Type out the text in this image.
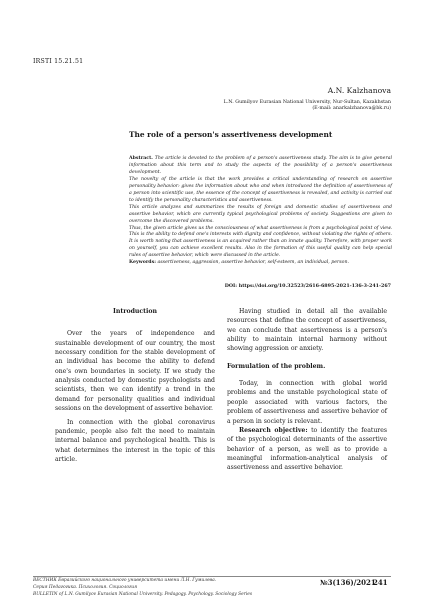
IRSTI 15.21.51
A.N. Kalzhanova
L.N. Gumilyov Eurasian National University, Nur-Sultan, Kazakhstan
(E-mail: anarkalzhanova@bk.ru)
The role of a person's assertiveness development

Abstract. The article is devoted to the problem of a person's assertiveness study. The aim is to give general information about this term and to study the aspects of the possibility of a person's assertiveness development.

The novelty of the article is that the work provides a critical understanding of research on assertive personality behavior: gives the information about who and when introduced the definition of assertiveness of a person into scientific use, the essence of the concept of assertiveness is revealed, and activity is carried out to identify the personality characteristics and assertiveness.

This article analyzes and summarizes the results of foreign and domestic studies of assertiveness and assertive behavior, which are currently typical psychological problems of society. Suggestions are given to overcome the discovered problems.

Thus, the given article gives us the consciousness of what assertiveness is from a psychological point of view. This is the ability to defend one's interests with dignity and confidence, without violating the rights of others. It is worth noting that assertiveness is an acquired rather than an innate quality. Therefore, with proper work on yourself, you can achieve excellent results. Also in the formation of this useful quality can help special rules of assertive behavior, which were discussed in the article.

Keywords: assertiveness, aggression, assertive behavior, self-esteem, an individual, person.

DOI: https://doi.org/10.32523/2616-6895-2021-136-3-241-267

Introduction

Over the years of independence and sustainable development of our country, the most necessary condition for the stable development of an individual has become the ability to defend one's own boundaries in society. If we study the analysis conducted by domestic psychologists and scientists, then we can identify a trend in the demand for personality qualities and individual sessions on the development of assertive behavior.

In connection with the global coronavirus pandemic, people also felt the need to maintain internal balance and psychological health. This is what determines the interest in the topic of this article.

Having studied in detail all the available resources that define the concept of assertiveness, we can conclude that assertiveness is a person's ability to maintain internal harmony without showing aggression or anxiety.

Formulation of the problem.

Today, in connection with global world problems and the unstable psychological state of people associated with various factors, the problem of assertiveness and assertive behavior of a person in society is relevant.

Research objective: to identify the features of the psychological determinants of the assertive behavior of a person, as well as to provide a meaningful information-analytical analysis of assertiveness and assertive behavior.

ВЕСТНИК Евразийского национального университета имени Л.Н. Гумилева.
Серия Педагогика. Психология. Социология
BULLETIN of L.N. Gumilyov Eurasian National University. Pedagogy. Psychology. Sociology Series
№3(136)/2021
241
